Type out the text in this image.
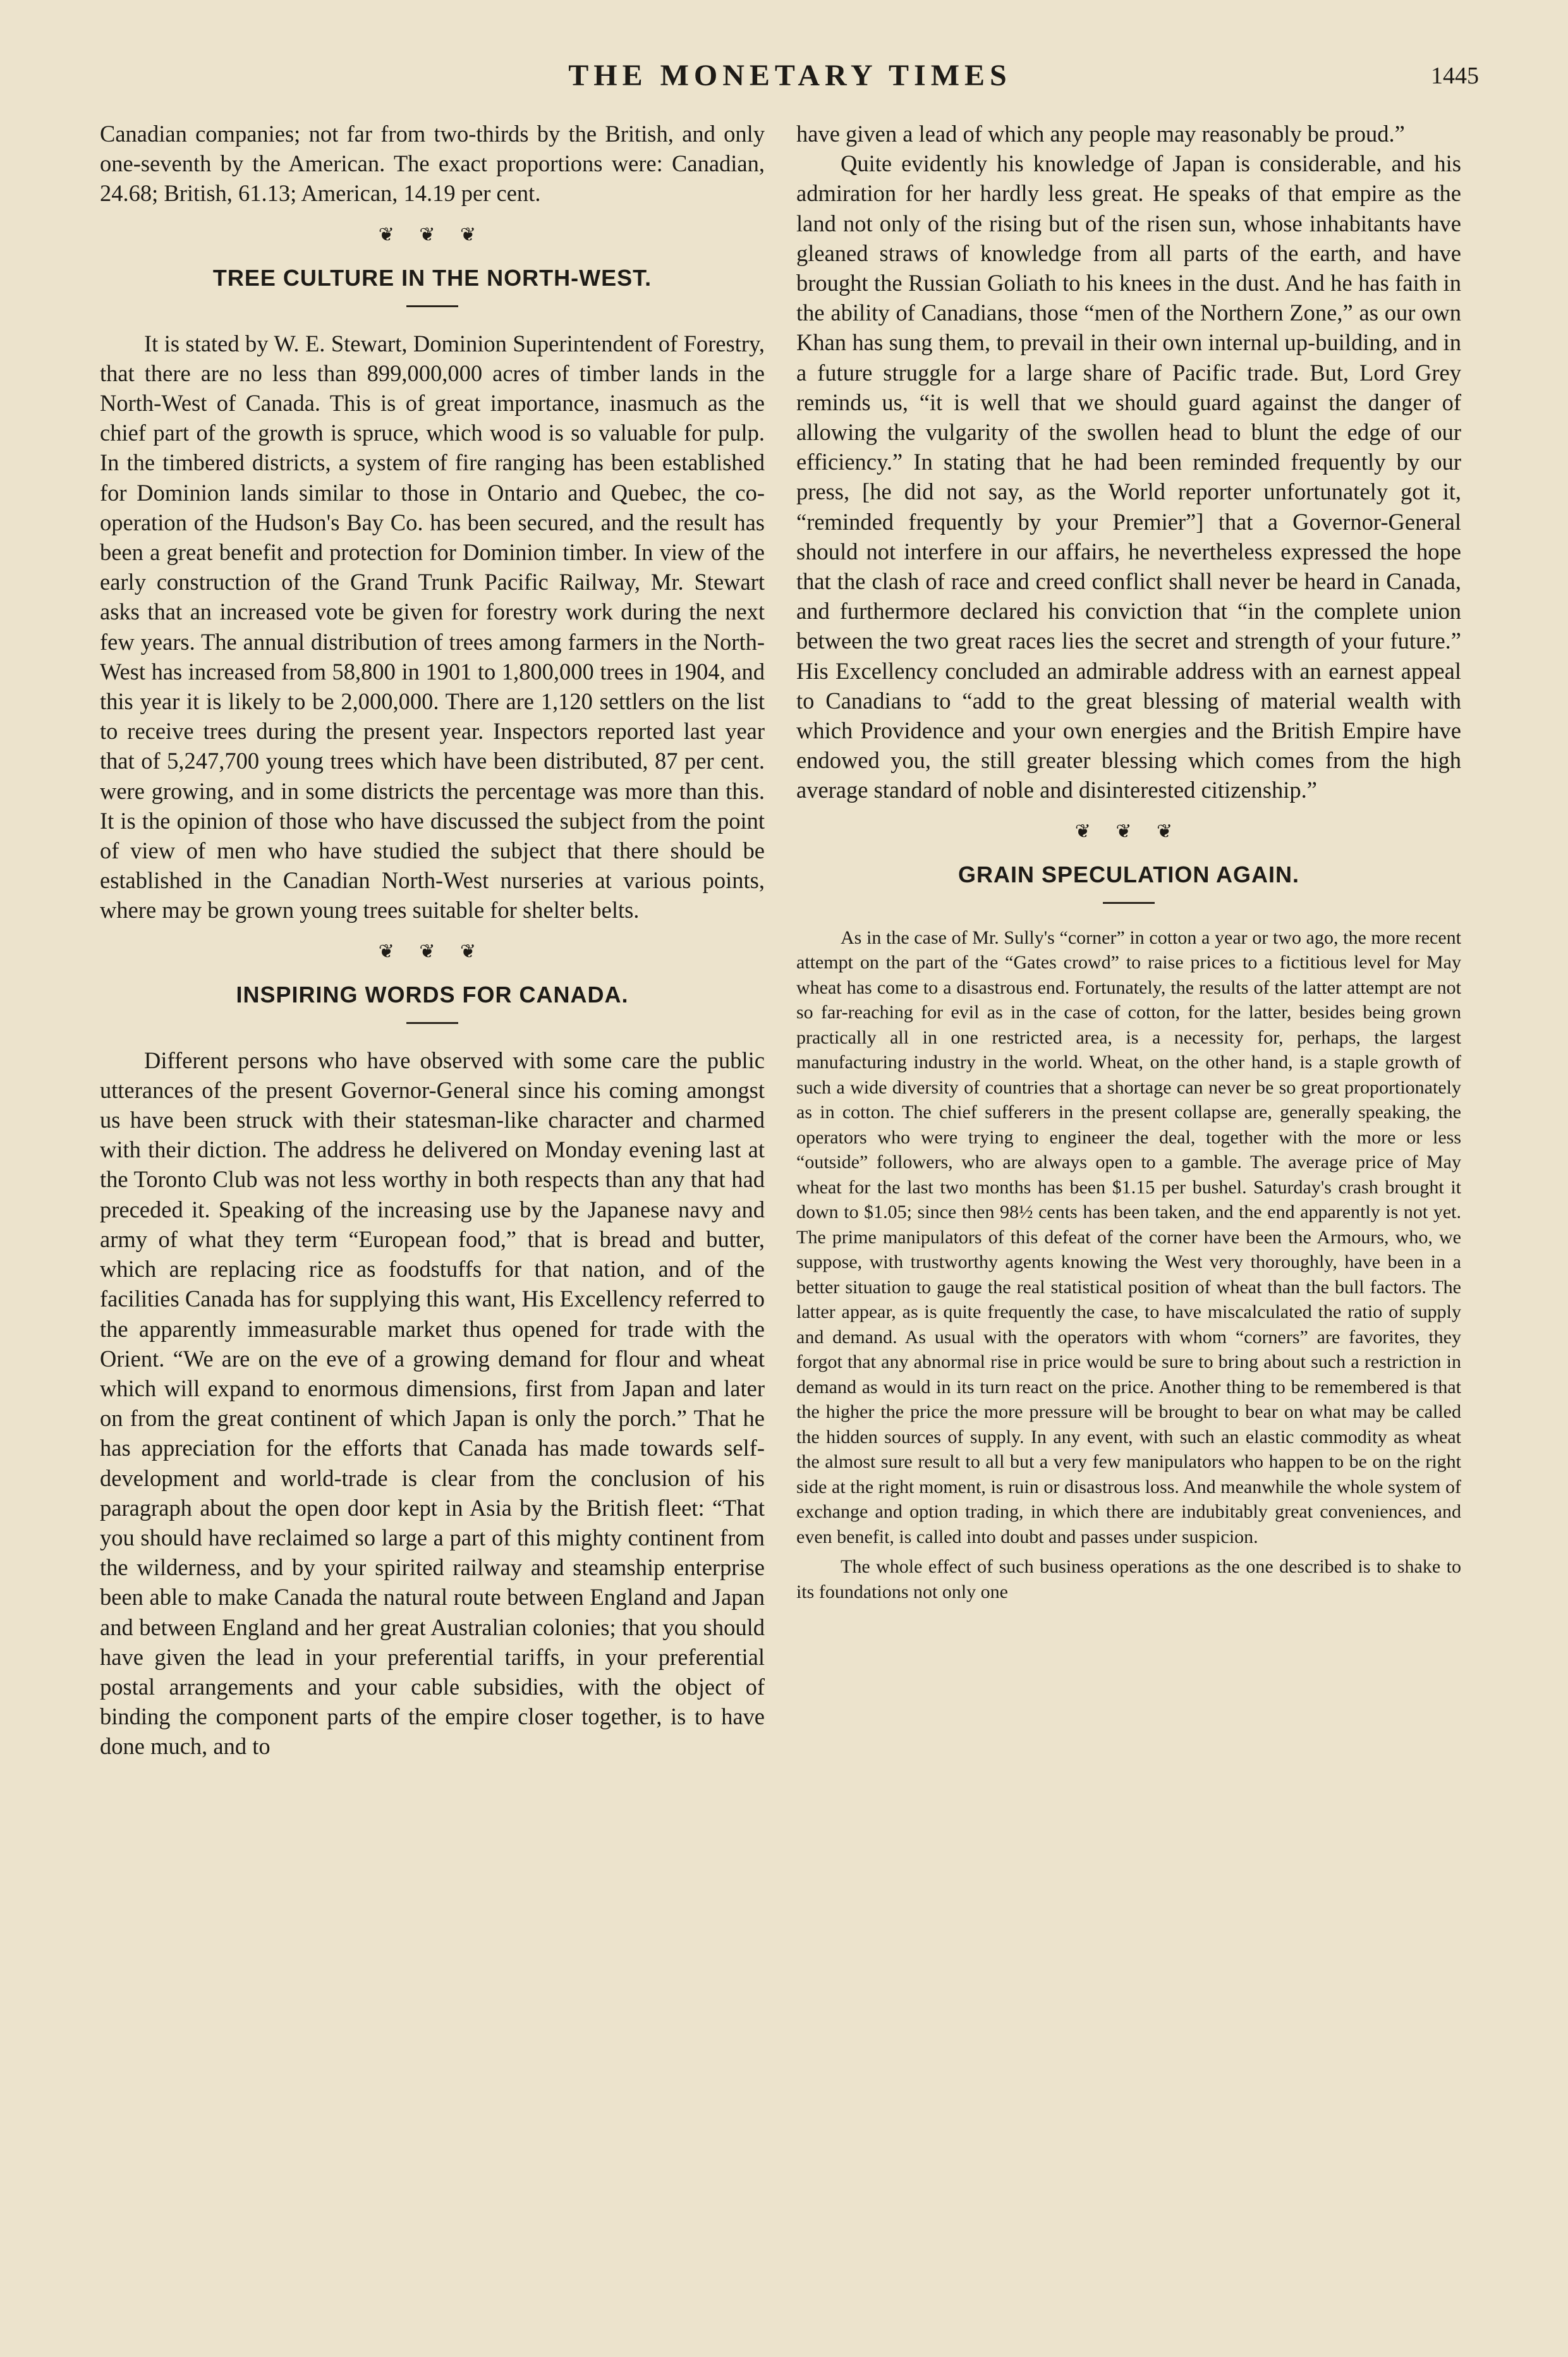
THE MONETARY TIMES	1445

Canadian companies; not far from two-thirds by the British, and only one-seventh by the American. The exact proportions were: Canadian, 24.68; British, 61.13; American, 14.19 per cent.

❦ ❦ ❦
TREE CULTURE IN THE NORTH-WEST.

It is stated by W. E. Stewart, Dominion Superintendent of Forestry, that there are no less than 899,000,000 acres of timber lands in the North-West of Canada. This is of great importance, inasmuch as the chief part of the growth is spruce, which wood is so valuable for pulp. In the timbered districts, a system of fire ranging has been established for Dominion lands similar to those in Ontario and Quebec, the co-operation of the Hudson's Bay Co. has been secured, and the result has been a great benefit and protection for Dominion timber. In view of the early construction of the Grand Trunk Pacific Railway, Mr. Stewart asks that an increased vote be given for forestry work during the next few years. The annual distribution of trees among farmers in the North-West has increased from 58,800 in 1901 to 1,800,000 trees in 1904, and this year it is likely to be 2,000,000. There are 1,120 settlers on the list to receive trees during the present year. Inspectors reported last year that of 5,247,700 young trees which have been distributed, 87 per cent. were growing, and in some districts the percentage was more than this. It is the opinion of those who have discussed the subject from the point of view of men who have studied the subject that there should be established in the Canadian North-West nurseries at various points, where may be grown young trees suitable for shelter belts.

❦ ❦ ❦
INSPIRING WORDS FOR CANADA.

Different persons who have observed with some care the public utterances of the present Governor-General since his coming amongst us have been struck with their statesman-like character and charmed with their diction. The address he delivered on Monday evening last at the Toronto Club was not less worthy in both respects than any that had preceded it. Speaking of the increasing use by the Japanese navy and army of what they term “European food,” that is bread and butter, which are replacing rice as foodstuffs for that nation, and of the facilities Canada has for supplying this want, His Excellency referred to the apparently immeasurable market thus opened for trade with the Orient. “We are on the eve of a growing demand for flour and wheat which will expand to enormous dimensions, first from Japan and later on from the great continent of which Japan is only the porch.” That he has appreciation for the efforts that Canada has made towards self-development and world-trade is clear from the conclusion of his paragraph about the open door kept in Asia by the British fleet: “That you should have reclaimed so large a part of this mighty continent from the wilderness, and by your spirited railway and steamship enterprise been able to make Canada the natural route between England and Japan and between England and her great Australian colonies; that you should have given the lead in your preferential tariffs, in your preferential postal arrangements and your cable subsidies, with the object of binding the component parts of the empire closer together, is to have done much, and to

have given a lead of which any people may reasonably be proud.”

Quite evidently his knowledge of Japan is considerable, and his admiration for her hardly less great. He speaks of that empire as the land not only of the rising but of the risen sun, whose inhabitants have gleaned straws of knowledge from all parts of the earth, and have brought the Russian Goliath to his knees in the dust. And he has faith in the ability of Canadians, those “men of the Northern Zone,” as our own Khan has sung them, to prevail in their own internal up-building, and in a future struggle for a large share of Pacific trade. But, Lord Grey reminds us, “it is well that we should guard against the danger of allowing the vulgarity of the swollen head to blunt the edge of our efficiency.” In stating that he had been reminded frequently by our press, [he did not say, as the World reporter unfortunately got it, “reminded frequently by your Premier”] that a Governor-General should not interfere in our affairs, he nevertheless expressed the hope that the clash of race and creed conflict shall never be heard in Canada, and furthermore declared his conviction that “in the complete union between the two great races lies the secret and strength of your future.” His Excellency concluded an admirable address with an earnest appeal to Canadians to “add to the great blessing of material wealth with which Providence and your own energies and the British Empire have endowed you, the still greater blessing which comes from the high average standard of noble and disinterested citizenship.”

❦ ❦ ❦
GRAIN SPECULATION AGAIN.

As in the case of Mr. Sully's “corner” in cotton a year or two ago, the more recent attempt on the part of the “Gates crowd” to raise prices to a fictitious level for May wheat has come to a disastrous end. Fortunately, the results of the latter attempt are not so far-reaching for evil as in the case of cotton, for the latter, besides being grown practically all in one restricted area, is a necessity for, perhaps, the largest manufacturing industry in the world. Wheat, on the other hand, is a staple growth of such a wide diversity of countries that a shortage can never be so great proportionately as in cotton. The chief sufferers in the present collapse are, generally speaking, the operators who were trying to engineer the deal, together with the more or less “outside” followers, who are always open to a gamble. The average price of May wheat for the last two months has been $1.15 per bushel. Saturday's crash brought it down to $1.05; since then 98½ cents has been taken, and the end apparently is not yet. The prime manipulators of this defeat of the corner have been the Armours, who, we suppose, with trustworthy agents knowing the West very thoroughly, have been in a better situation to gauge the real statistical position of wheat than the bull factors. The latter appear, as is quite frequently the case, to have miscalculated the ratio of supply and demand. As usual with the operators with whom “corners” are favorites, they forgot that any abnormal rise in price would be sure to bring about such a restriction in demand as would in its turn react on the price. Another thing to be remembered is that the higher the price the more pressure will be brought to bear on what may be called the hidden sources of supply. In any event, with such an elastic commodity as wheat the almost sure result to all but a very few manipulators who happen to be on the right side at the right moment, is ruin or disastrous loss. And meanwhile the whole system of exchange and option trading, in which there are indubitably great conveniences, and even benefit, is called into doubt and passes under suspicion.

The whole effect of such business operations as the one described is to shake to its foundations not only one
